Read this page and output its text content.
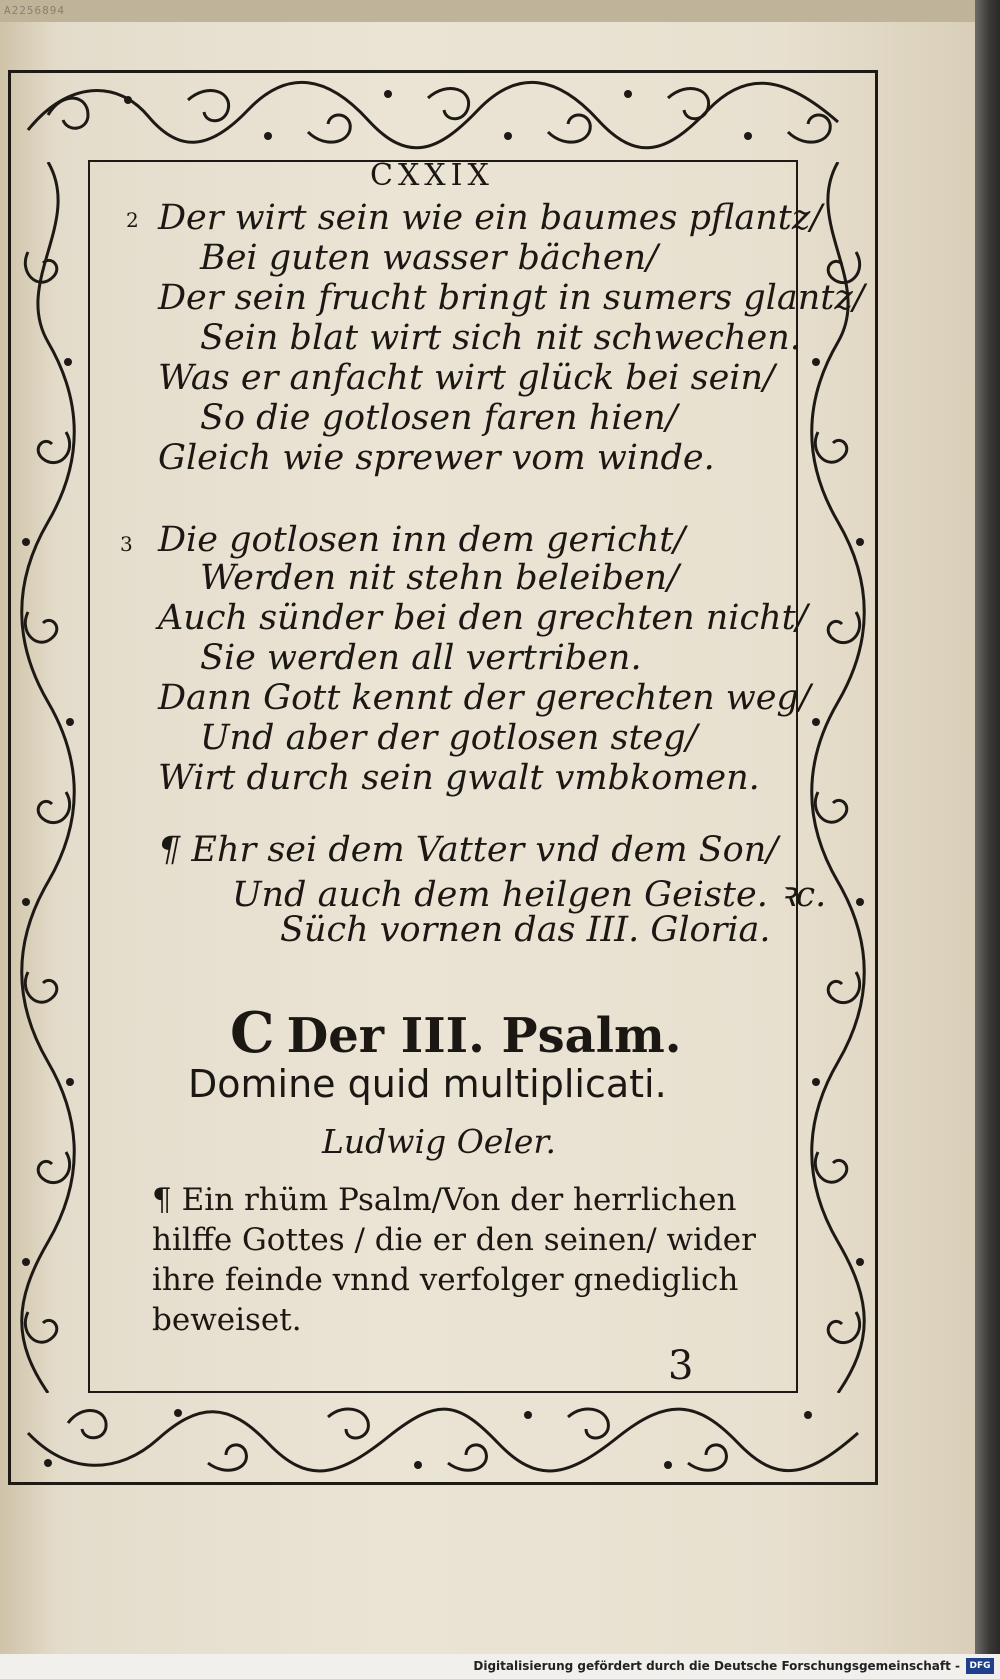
A2256894
CXXIX
2 Der wirt sein wie ein baumes pflantz/
Bei guten wasser bächen/
Der sein frucht bringt in sumers glantz/
Sein blat wirt sich nit schwechen.
Was er anfacht wirt glück bei sein/
So die gotlosen faren hien/
Gleich wie sprewer vom winde.
3 Die gotlosen inn dem gericht/
Werden nit stehn beleiben/
Auch sünder bei den grechten nicht/
Sie werden all vertriben.
Dann Gott kennt der gerechten weg/
Und aber der gotlosen steg/
Wirt durch sein gwalt vmbkomen.
¶ Ehr sei dem Vatter vnd dem Son/
Und auch dem heilgen Geiste. ꝛc.
Süch vornen das III. Gloria.
C Der III. Psalm.
Domine quid multiplicati.
Ludwig Oeler.
¶ Ein rhüm Psalm/Von der herrlichen
hilffe Gottes / die er den seinen/ wider
ihre feinde vnnd verfolger gnediglich
beweiset.
3
Digitalisierung gefördert durch die Deutsche Forschungsgemeinschaft -	DFG
